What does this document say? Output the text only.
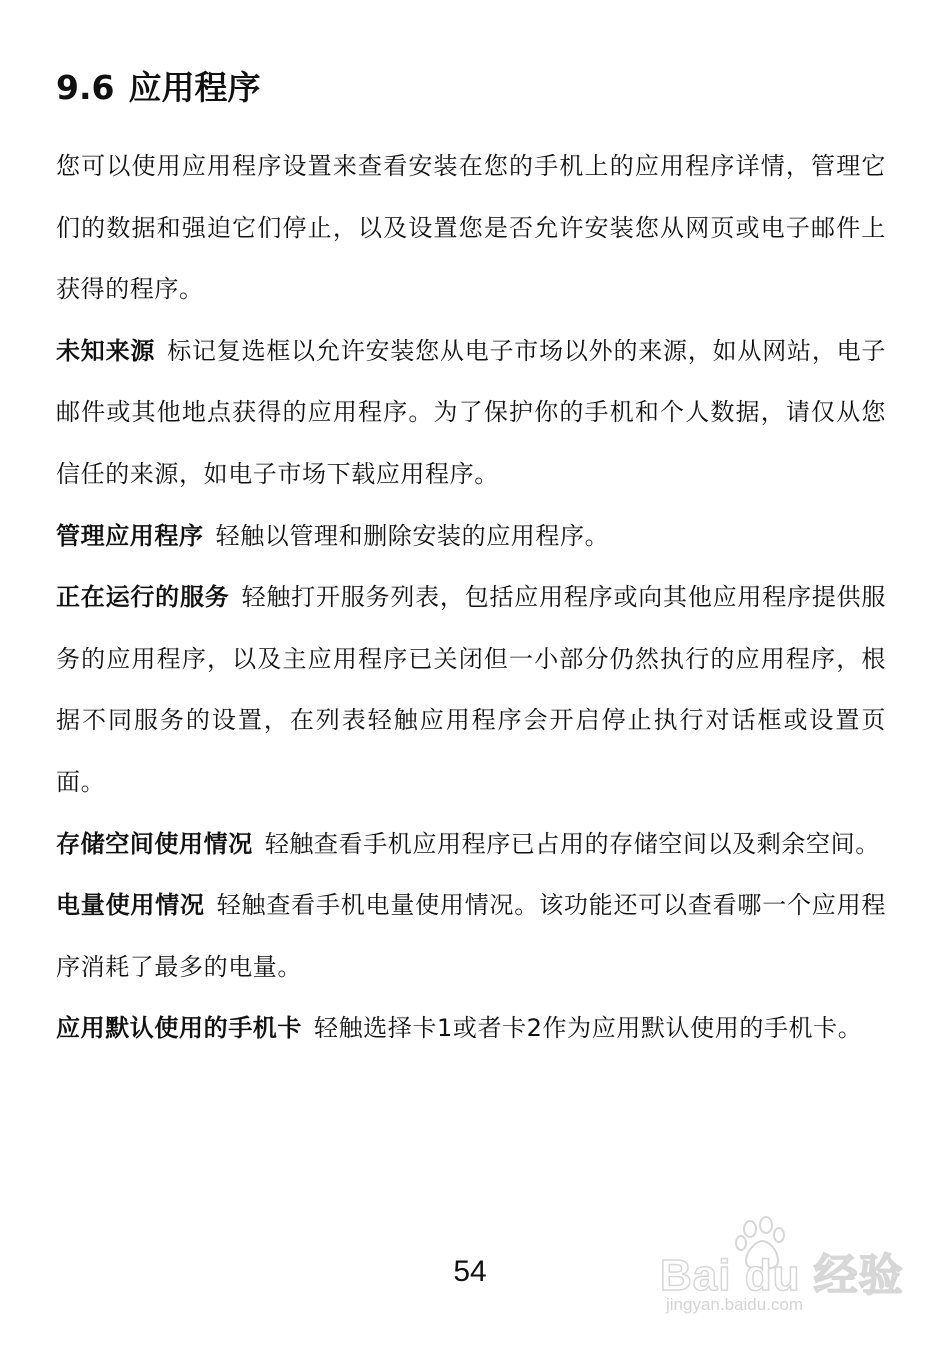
9.6 应用程序

您可以使用应用程序设置来查看安装在您的手机上的应用程序详情，管理它们的数据和强迫它们停止，以及设置您是否允许安装您从网页或电子邮件上获得的程序。

未知来源 标记复选框以允许安装您从电子市场以外的来源，如从网站，电子邮件或其他地点获得的应用程序。为了保护你的手机和个人数据，请仅从您信任的来源，如电子市场下载应用程序。

管理应用程序 轻触以管理和删除安装的应用程序。

正在运行的服务 轻触打开服务列表，包括应用程序或向其他应用程序提供服务的应用程序，以及主应用程序已关闭但一小部分仍然执行的应用程序，根据不同服务的设置，在列表轻触应用程序会开启停止执行对话框或设置页面。

存储空间使用情况 轻触查看手机应用程序已占用的存储空间以及剩余空间。

电量使用情况 轻触查看手机电量使用情况。该功能还可以查看哪一个应用程序消耗了最多的电量。

应用默认使用的手机卡 轻触选择卡1或者卡2作为应用默认使用的手机卡。

54	Bai du 经验
jingyan.baidu.com
